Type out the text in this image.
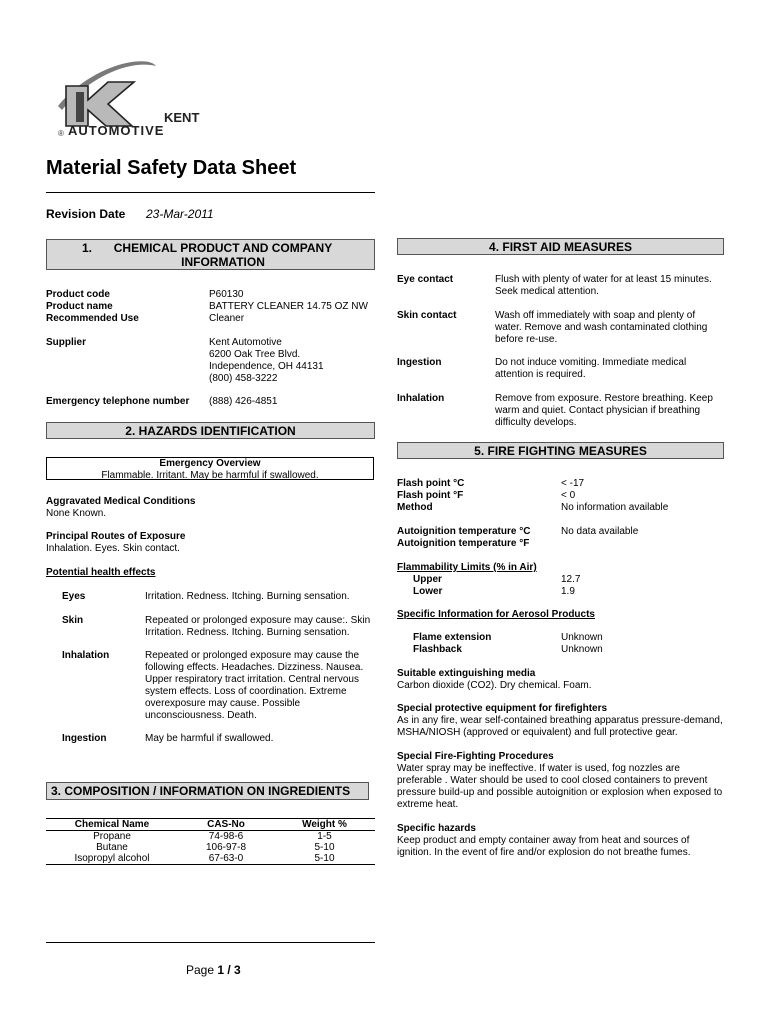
KENT
® AUTOMOTIVE
Material Safety Data Sheet
Revision Date 23-Mar-2011
1.	CHEMICAL PRODUCT AND COMPANY INFORMATION
Product code	P60130
Product name	BATTERY CLEANER 14.75 OZ NW
Recommended Use	Cleaner
Supplier	Kent Automotive
6200 Oak Tree Blvd.
Independence, OH 44131
(800) 458-3222
Emergency telephone number (888) 426-4851
2. HAZARDS IDENTIFICATION
Emergency Overview
Flammable. Irritant. May be harmful if swallowed.
Aggravated Medical Conditions
None Known.
Principal Routes of Exposure
Inhalation. Eyes. Skin contact.
Potential health effects
Eyes	Irritation. Redness. Itching. Burning sensation.
Skin	Repeated or prolonged exposure may cause:. Skin
Irritation. Redness. Itching. Burning sensation.
Inhalation	Repeated or prolonged exposure may cause the
following effects. Headaches. Dizziness. Nausea.
Upper respiratory tract irritation. Central nervous
system effects. Loss of coordination. Extreme
overexposure may cause. Possible
unconsciousness. Death.
Ingestion	May be harmful if swallowed.
3. COMPOSITION / INFORMATION ON INGREDIENTS
Chemical Name	CAS-No	Weight %
Propane	74-98-6	1-5
Butane	106-97-8	5-10
Isopropyl alcohol	67-63-0	5-10
4. FIRST AID MEASURES
Eye contact	Flush with plenty of water for at least 15 minutes.
Seek medical attention.
Skin contact	Wash off immediately with soap and plenty of
water. Remove and wash contaminated clothing
before re-use.
Ingestion	Do not induce vomiting. Immediate medical
attention is required.
Inhalation	Remove from exposure. Restore breathing. Keep
warm and quiet. Contact physician if breathing
difficulty develops.
5. FIRE FIGHTING MEASURES
Flash point °C	< -17
Flash point °F	< 0
Method	No information available
Autoignition temperature °C	No data available
Autoignition temperature °F
Flammability Limits (% in Air)
Upper	12.7
Lower	1.9
Specific Information for Aerosol Products
Flame extension	Unknown
Flashback	Unknown
Suitable extinguishing media
Carbon dioxide (CO2). Dry chemical. Foam.
Special protective equipment for firefighters
As in any fire, wear self-contained breathing apparatus pressure-demand,
MSHA/NIOSH (approved or equivalent) and full protective gear.
Special Fire-Fighting Procedures
Water spray may be ineffective. If water is used, fog nozzles are
preferable . Water should be used to cool closed containers to prevent
pressure build-up and possible autoignition or explosion when exposed to
extreme heat.
Specific hazards
Keep product and empty container away from heat and sources of
ignition. In the event of fire and/or explosion do not breathe fumes.
Page 1 / 3
